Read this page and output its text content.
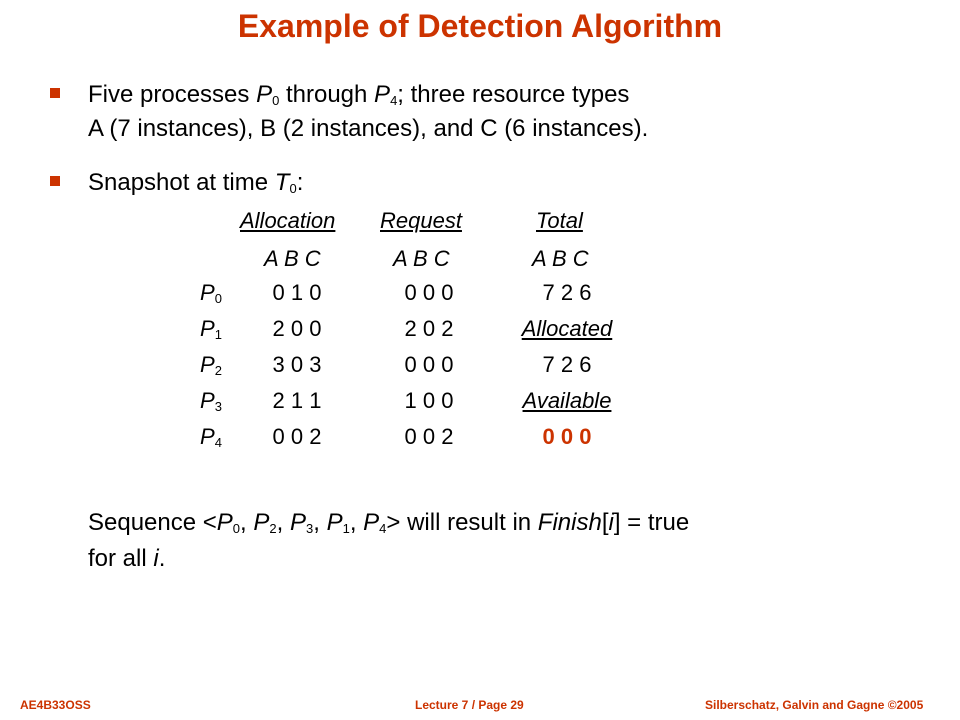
Example of Detection Algorithm
Five processes $P_0$ through $P_4$; three resource types
A (7 instances), B (2 instances), and C (6 instances).
Snapshot at time $T_0$:
Allocation Request	Total
A B C	A B C	A B C
$P_0$	0 1 0	0 0 0	7 2 6
$P_1$	2 0 0	2 0 2	Allocated
$P_2$	3 0 3	0 0 0	7 2 6
$P_3$	2 1 1	1 0 0	Available
$P_4$	0 0 2	0 0 2	0 0 0
Sequence $<P_0$, $P_2$, $P_3$, $P_1$, $P_4>$ will result in Finish[i] = true
for all i.
AE4B33OSS	Lecture 7 / Page 29	Silberschatz, Galvin and Gagne ©2005
